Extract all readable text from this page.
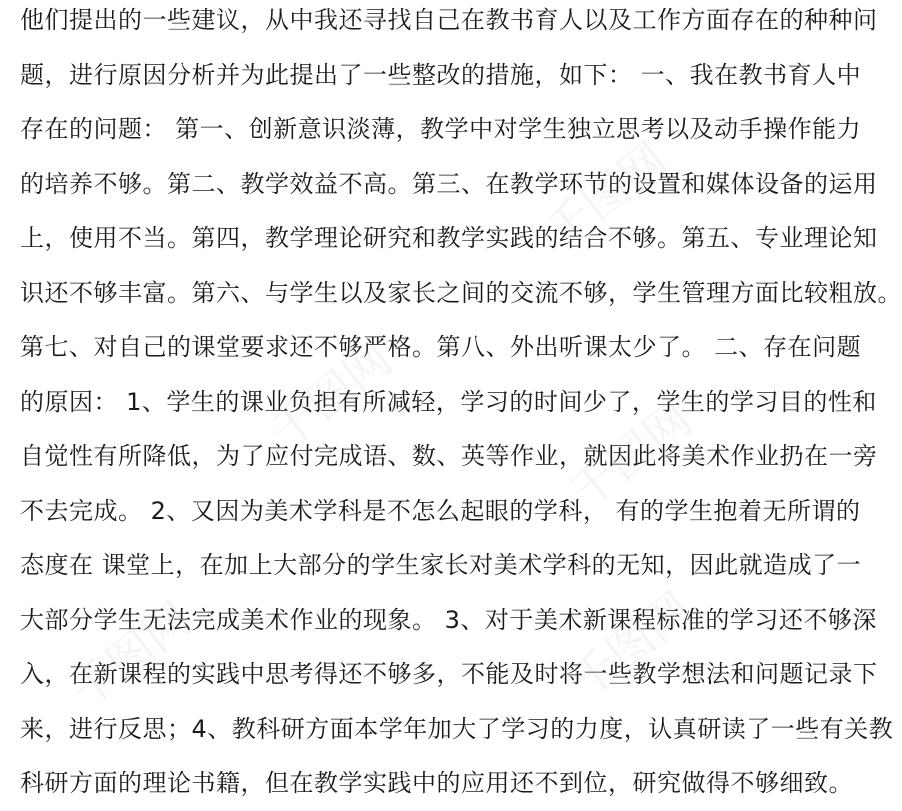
他们提出的一些建议，从中我还寻找自己在教书育人以及工作方面存在的种种问
题，进行原因分析并为此提出了一些整改的措施，如下： 一、我在教书育人中
存在的问题： 第一、创新意识淡薄，教学中对学生独立思考以及动手操作能力
的培养不够。第二、教学效益不高。第三、在教学环节的设置和媒体设备的运用
上，使用不当。第四，教学理论研究和教学实践的结合不够。第五、专业理论知
识还不够丰富。第六、与学生以及家长之间的交流不够，学生管理方面比较粗放。
第七、对自己的课堂要求还不够严格。第八、外出听课太少了。 二、存在问题
的原因： 1、学生的课业负担有所减轻，学习的时间少了，学生的学习目的性和
自觉性有所降低，为了应付完成语、数、英等作业，就因此将美术作业扔在一旁
不去完成。 2、又因为美术学科是不怎么起眼的学科， 有的学生抱着无所谓的
态度在 课堂上，在加上大部分的学生家长对美术学科的无知，因此就造成了一
大部分学生无法完成美术作业的现象。 3、对于美术新课程标准的学习还不够深
入，在新课程的实践中思考得还不够多，不能及时将一些教学想法和问题记录下
来，进行反思；4、教科研方面本学年加大了学习的力度，认真研读了一些有关教
科研方面的理论书籍，但在教学实践中的应用还不到位，研究做得不够细致。
千图网
千图网	千图网
千图网	千图网
